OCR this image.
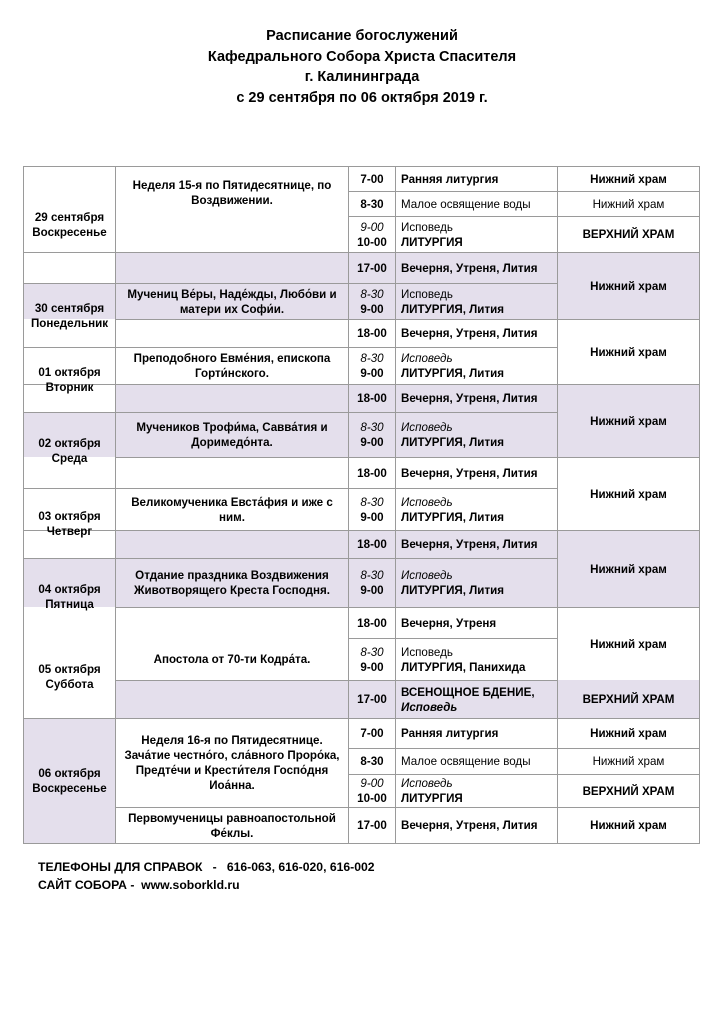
Расписание богослужений
Кафедрального Собора Христа Спасителя
г. Калининграда
с 29 сентября по 06 октября 2019 г.
29 сентября
Воскресенье
30 сентября
Понедельник
01 октября
Вторник
02 октября
Среда
03 октября
Четверг
04 октября
Пятница
05 октября
Суббота
06 октября
Воскресенье
Неделя 15-я по Пятидесятнице, по Воздвижении.
Мучениц Ве́ры, Наде́жды, Любо́ви и матери их Софи́и.
Преподобного Евме́ния, епископа Горти́нского.
Мучеников Трофи́ма, Савва́тия и Доримедо́нта.
Великомученика Евста́фия и иже с ним.
Отдание праздника Воздвижения Животворящего Креста Господня.
Апостола от 70-ти Кодра́та.
Неделя 16-я по Пятидесятнице. Зача́тие честно́го, сла́вного Проро́ка, Предте́чи и Крести́теля Госпо́дня Иоа́нна.
Первомученицы равноапостольной Фе́клы.
7-00 Ранняя литургия
8-30 Малое освящение воды
9-00
10-00
Исповедь
ЛИТУРГИЯ
17-00 Вечерня, Утреня, Лития
8-30
9-00
Исповедь
ЛИТУРГИЯ, Лития
18-00 Вечерня, Утреня, Лития
8-30
9-00
Исповедь
ЛИТУРГИЯ, Лития
18-00 Вечерня, Утреня, Лития
8-30
9-00
Исповедь
ЛИТУРГИЯ, Лития
18-00 Вечерня, Утреня, Лития
8-30
9-00
Исповедь
ЛИТУРГИЯ, Лития
18-00 Вечерня, Утреня, Лития
8-30
9-00
Исповедь
ЛИТУРГИЯ, Лития
18-00 Вечерня, Утреня
8-30
9-00
Исповедь
ЛИТУРГИЯ, Панихида
17-00
ВСЕНОЩНОЕ БДЕНИЕ,
Исповедь
7-00 Ранняя литургия
8-30 Малое освящение воды
9-00
10-00
Исповедь
ЛИТУРГИЯ
17-00 Вечерня, Утреня, Лития
Нижний храм
Нижний храм
ВЕРХНИЙ ХРАМ
Нижний храм
Нижний храм
Нижний храм
Нижний храм
Нижний храм
Нижний храм
ВЕРХНИЙ ХРАМ
Нижний храм
Нижний храм
ВЕРХНИЙ ХРАМ
Нижний храм
ТЕЛЕФОНЫ ДЛЯ СПРАВОК   -   616-063, 616-020, 616-002
САЙТ СОБОРА -  www.soborkld.ru
